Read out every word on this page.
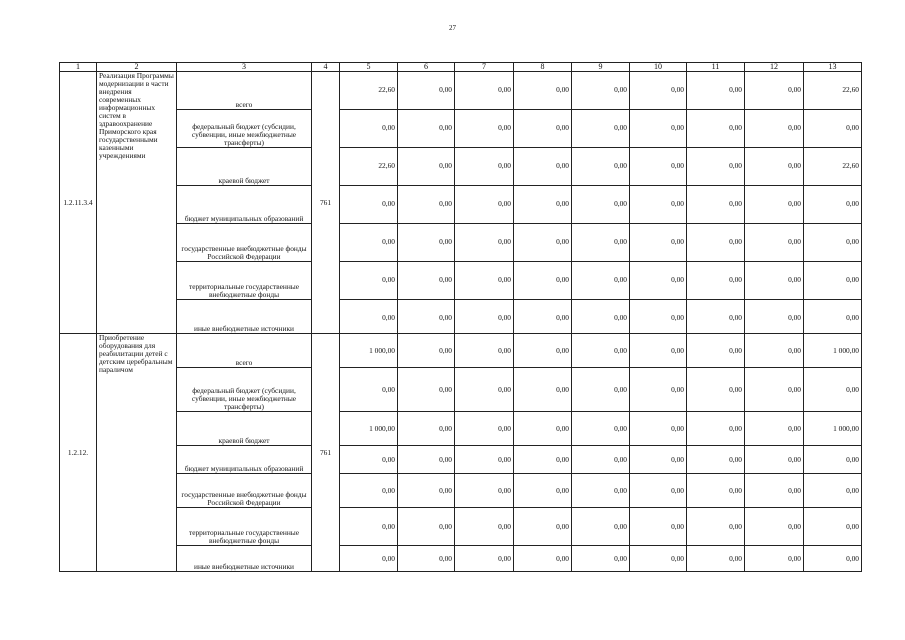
27
1	2	3	4	5	6	7	8	9	10	11	12	13
1.2.11.3.4	Реализация Программы модернизации в части внедрения современных информационных систем в здравоохранение Приморского края государственными казенными учреждениями	всего	761	22,60	0,00	0,00	0,00	0,00	0,00	0,00	0,00	22,60
		федеральный бюджет (субсидии, субвенции, иные межбюджетные трансферты)		0,00	0,00	0,00	0,00	0,00	0,00	0,00	0,00	0,00
		краевой бюджет		22,60	0,00	0,00	0,00	0,00	0,00	0,00	0,00	22,60
		бюджет муниципальных образований		0,00	0,00	0,00	0,00	0,00	0,00	0,00	0,00	0,00
		государственные внебюджетные фонды Российской Федерации		0,00	0,00	0,00	0,00	0,00	0,00	0,00	0,00	0,00
		территориальные государственные внебюджетные фонды		0,00	0,00	0,00	0,00	0,00	0,00	0,00	0,00	0,00
		иные внебюджетные источники		0,00	0,00	0,00	0,00	0,00	0,00	0,00	0,00	0,00
1.2.12.	Приобретение оборудования для реабилитации детей с детским церебральным параличом	всего	761	1 000,00	0,00	0,00	0,00	0,00	0,00	0,00	0,00	1 000,00
		федеральный бюджет (субсидии, субвенции, иные межбюджетные трансферты)		0,00	0,00	0,00	0,00	0,00	0,00	0,00	0,00	0,00
		краевой бюджет		1 000,00	0,00	0,00	0,00	0,00	0,00	0,00	0,00	1 000,00
		бюджет муниципальных образований		0,00	0,00	0,00	0,00	0,00	0,00	0,00	0,00	0,00
		государственные внебюджетные фонды Российской Федерации		0,00	0,00	0,00	0,00	0,00	0,00	0,00	0,00	0,00
		территориальные государственные внебюджетные фонды		0,00	0,00	0,00	0,00	0,00	0,00	0,00	0,00	0,00
		иные внебюджетные источники		0,00	0,00	0,00	0,00	0,00	0,00	0,00	0,00	0,00
